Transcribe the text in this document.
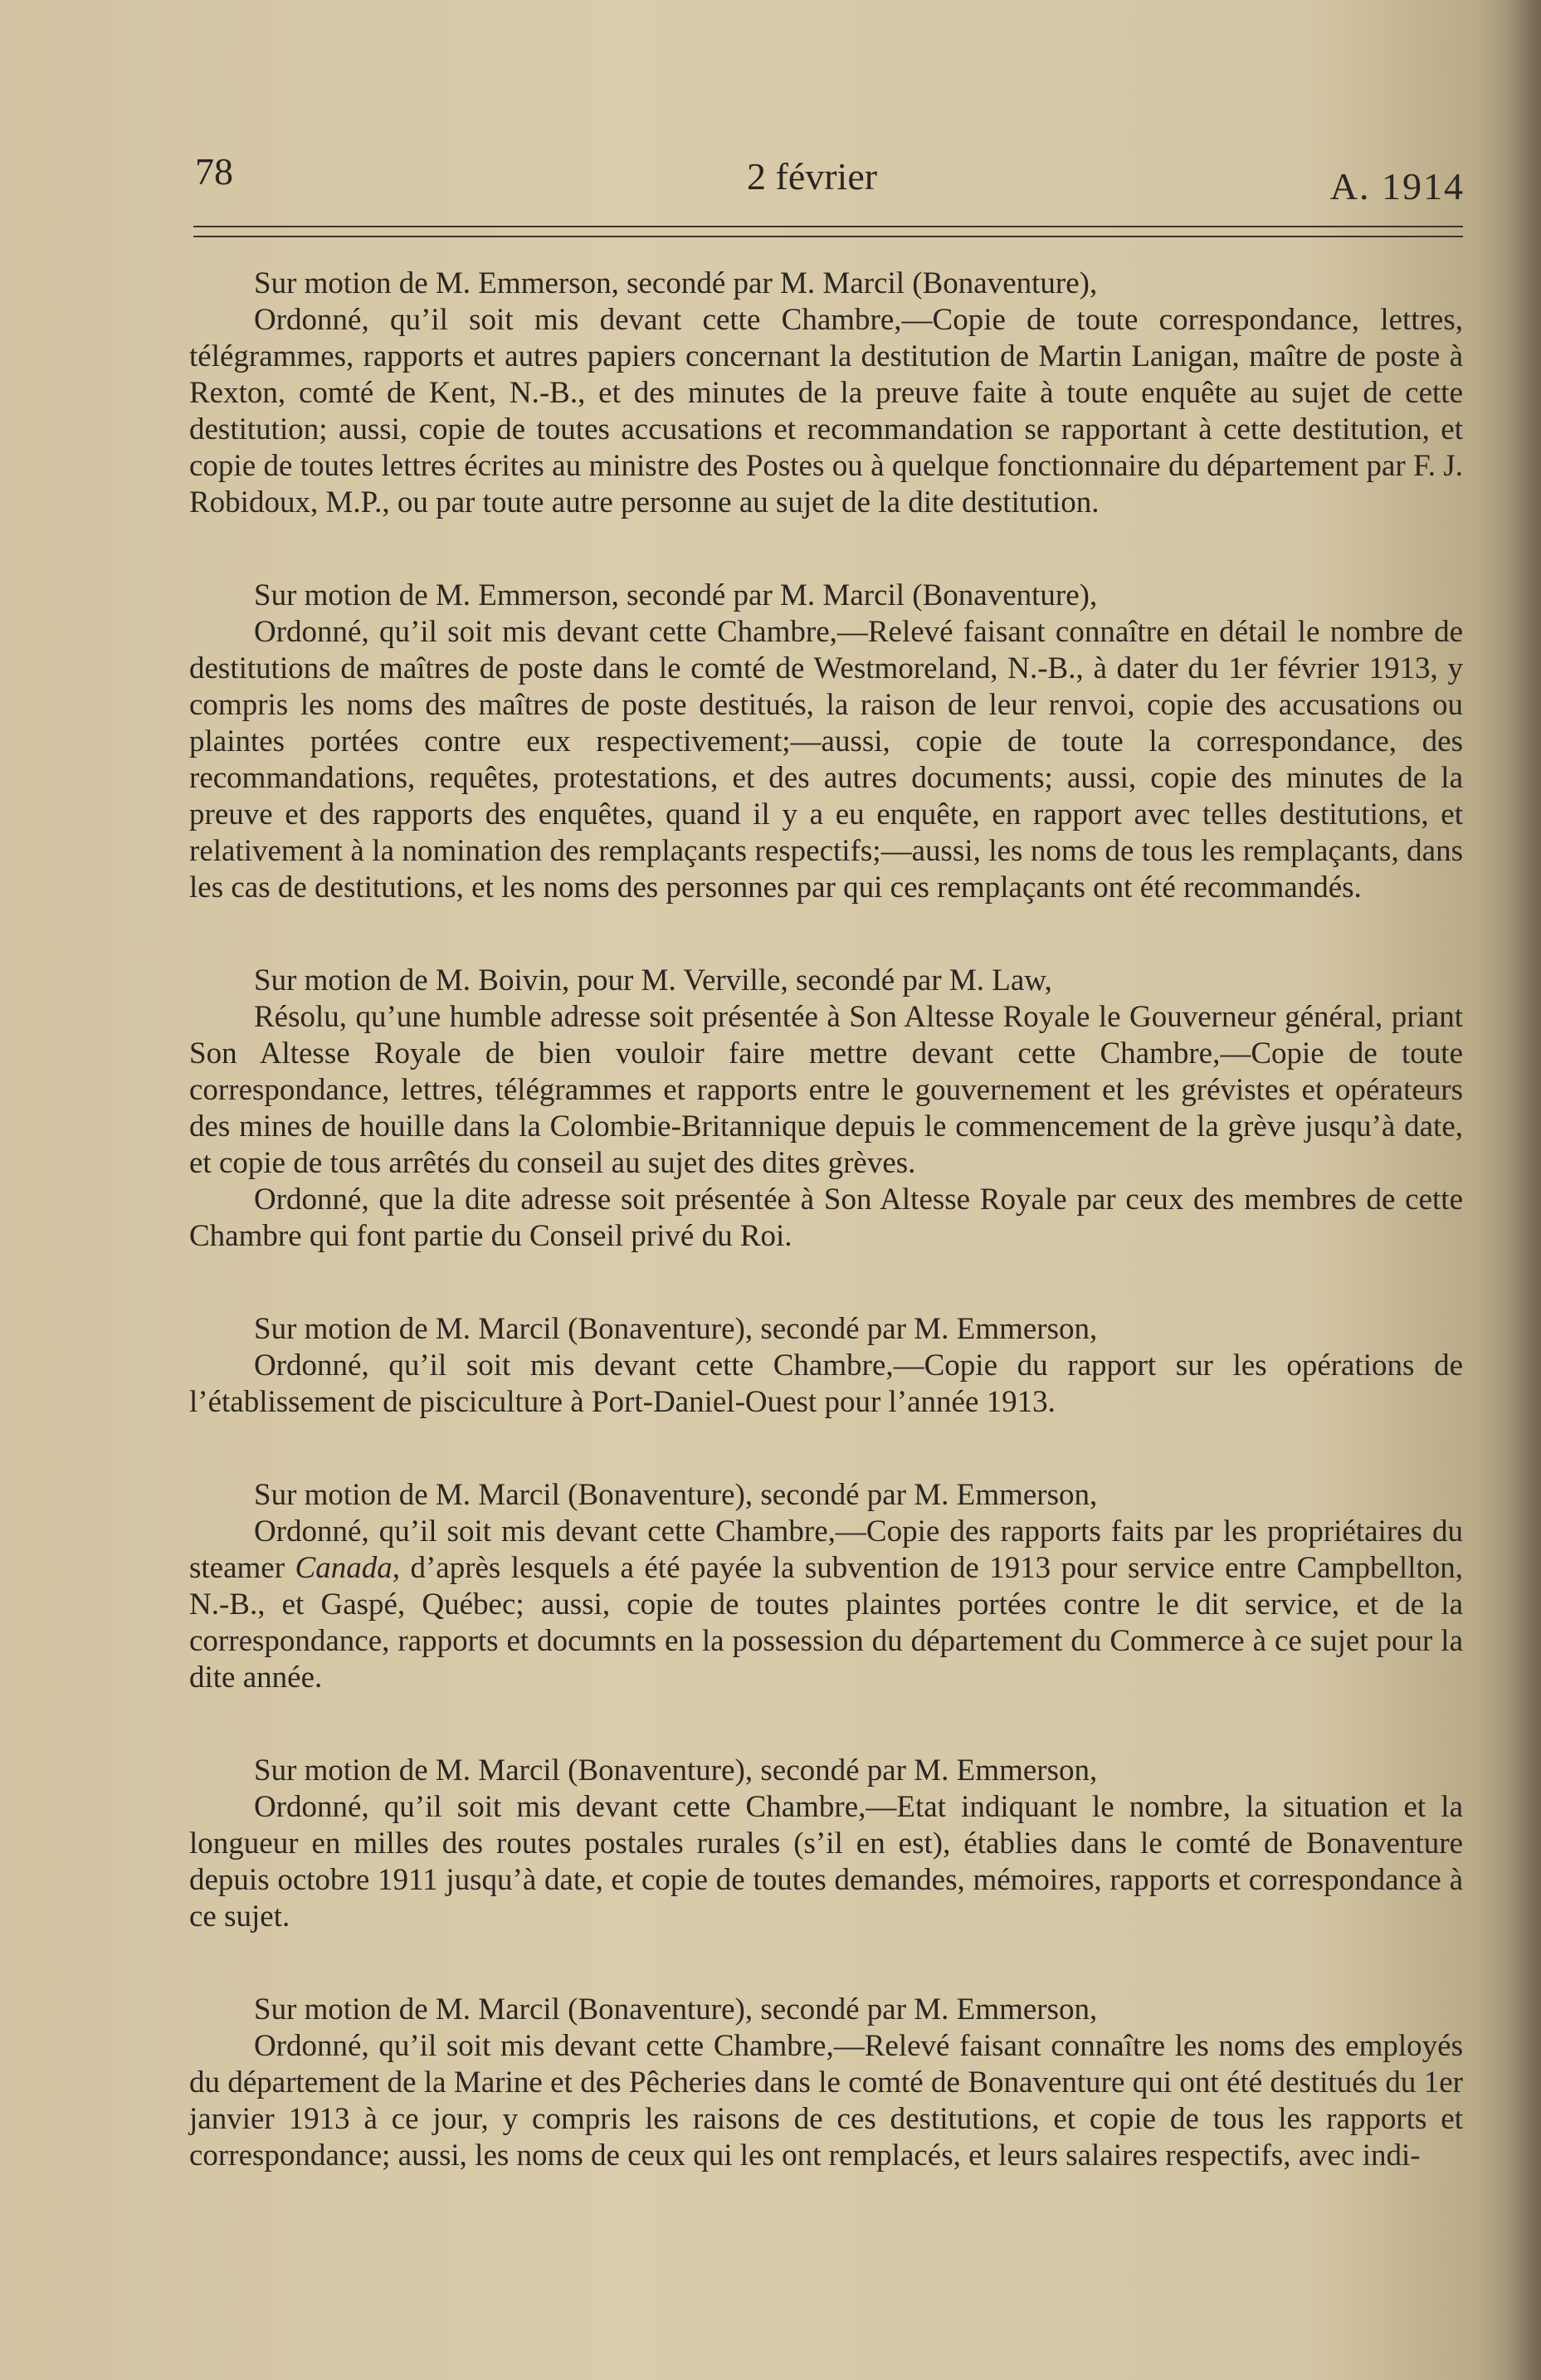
78	2 février	A. 1914

Sur motion de M. Emmerson, secondé par M. Marcil (Bonaventure),

Ordonné, qu’il soit mis devant cette Chambre,—Copie de toute correspondance, lettres, télégrammes, rapports et autres papiers concernant la destitution de Martin Lanigan, maître de poste à Rexton, comté de Kent, N.-B., et des minutes de la preuve faite à toute enquête au sujet de cette destitution; aussi, copie de toutes accusations et recommandation se rapportant à cette destitution, et copie de toutes lettres écrites au ministre des Postes ou à quelque fonctionnaire du département par F. J. Robidoux, M.P., ou par toute autre personne au sujet de la dite destitution.

Sur motion de M. Emmerson, secondé par M. Marcil (Bonaventure),

Ordonné, qu’il soit mis devant cette Chambre,—Relevé faisant connaître en détail le nombre de destitutions de maîtres de poste dans le comté de Westmoreland, N.-B., à dater du 1er février 1913, y compris les noms des maîtres de poste destitués, la raison de leur renvoi, copie des accusations ou plaintes portées contre eux respectivement;—aussi, copie de toute la correspondance, des recommandations, requêtes, protestations, et des autres documents; aussi, copie des minutes de la preuve et des rapports des enquêtes, quand il y a eu enquête, en rapport avec telles destitutions, et relativement à la nomination des remplaçants respectifs;—aussi, les noms de tous les remplaçants, dans les cas de destitutions, et les noms des personnes par qui ces remplaçants ont été recommandés.

Sur motion de M. Boivin, pour M. Verville, secondé par M. Law,

Résolu, qu’une humble adresse soit présentée à Son Altesse Royale le Gouverneur général, priant Son Altesse Royale de bien vouloir faire mettre devant cette Chambre,—Copie de toute correspondance, lettres, télégrammes et rapports entre le gouvernement et les grévistes et opérateurs des mines de houille dans la Colombie-Britannique depuis le commencement de la grève jusqu’à date, et copie de tous arrêtés du conseil au sujet des dites grèves.

Ordonné, que la dite adresse soit présentée à Son Altesse Royale par ceux des membres de cette Chambre qui font partie du Conseil privé du Roi.

Sur motion de M. Marcil (Bonaventure), secondé par M. Emmerson,

Ordonné, qu’il soit mis devant cette Chambre,—Copie du rapport sur les opérations de l’établissement de pisciculture à Port-Daniel-Ouest pour l’année 1913.

Sur motion de M. Marcil (Bonaventure), secondé par M. Emmerson,

Ordonné, qu’il soit mis devant cette Chambre,—Copie des rapports faits par les propriétaires du steamer Canada, d’après lesquels a été payée la subvention de 1913 pour service entre Campbellton, N.-B., et Gaspé, Québec; aussi, copie de toutes plaintes portées contre le dit service, et de la correspondance, rapports et documnts en la possession du département du Commerce à ce sujet pour la dite année.

Sur motion de M. Marcil (Bonaventure), secondé par M. Emmerson,

Ordonné, qu’il soit mis devant cette Chambre,—Etat indiquant le nombre, la situation et la longueur en milles des routes postales rurales (s’il en est), établies dans le comté de Bonaventure depuis octobre 1911 jusqu’à date, et copie de toutes demandes, mémoires, rapports et correspondance à ce sujet.

Sur motion de M. Marcil (Bonaventure), secondé par M. Emmerson,

Ordonné, qu’il soit mis devant cette Chambre,—Relevé faisant connaître les noms des employés du département de la Marine et des Pêcheries dans le comté de Bonaventure qui ont été destitués du 1er janvier 1913 à ce jour, y compris les raisons de ces destitutions, et copie de tous les rapports et correspondance; aussi, les noms de ceux qui les ont remplacés, et leurs salaires respectifs, avec indi-
